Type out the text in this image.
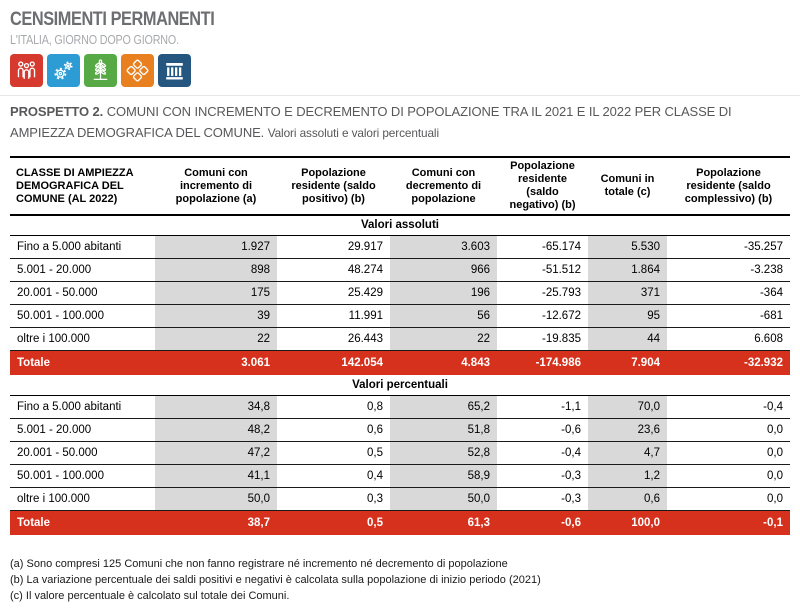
CENSIMENTI PERMANENTI
L'ITALIA, GIORNO DOPO GIORNO.
PROSPETTO 2. COMUNI CON INCREMENTO E DECREMENTO DI POPOLAZIONE TRA IL 2021 E IL 2022 PER CLASSE DI AMPIEZZA DEMOGRAFICA DEL COMUNE. Valori assoluti e valori percentuali
CLASSE DI AMPIEZZA DEMOGRAFICA DEL COMUNE (AL 2022)	Comuni con incremento di popolazione (a)	Popolazione residente (saldo positivo) (b)	Comuni con decremento di popolazione	Popolazione residente (saldo negativo) (b)	Comuni in totale (c)	Popolazione residente (saldo complessivo) (b)
Valori assoluti						
Fino a 5.000 abitanti	1.927	29.917	3.603	-65.174	5.530	-35.257
5.001 - 20.000	898	48.274	966	-51.512	1.864	-3.238
20.001 - 50.000	175	25.429	196	-25.793	371	-364
50.001 - 100.000	39	11.991	56	-12.672	95	-681
oltre i 100.000	22	26.443	22	-19.835	44	6.608
Totale	3.061	142.054	4.843	-174.986	7.904	-32.932
Valori percentuali						
Fino a 5.000 abitanti	34,8	0,8	65,2	-1,1	70,0	-0,4
5.001 - 20.000	48,2	0,6	51,8	-0,6	23,6	0,0
20.001 - 50.000	47,2	0,5	52,8	-0,4	4,7	0,0
50.001 - 100.000	41,1	0,4	58,9	-0,3	1,2	0,0
oltre i 100.000	50,0	0,3	50,0	-0,3	0,6	0,0
Totale	38,7	0,5	61,3	-0,6	100,0	-0,1
(a) Sono compresi 125 Comuni che non fanno registrare né incremento né decremento di popolazione
(b) La variazione percentuale dei saldi positivi e negativi è calcolata sulla popolazione di inizio periodo (2021)
(c) Il valore percentuale è calcolato sul totale dei Comuni.
